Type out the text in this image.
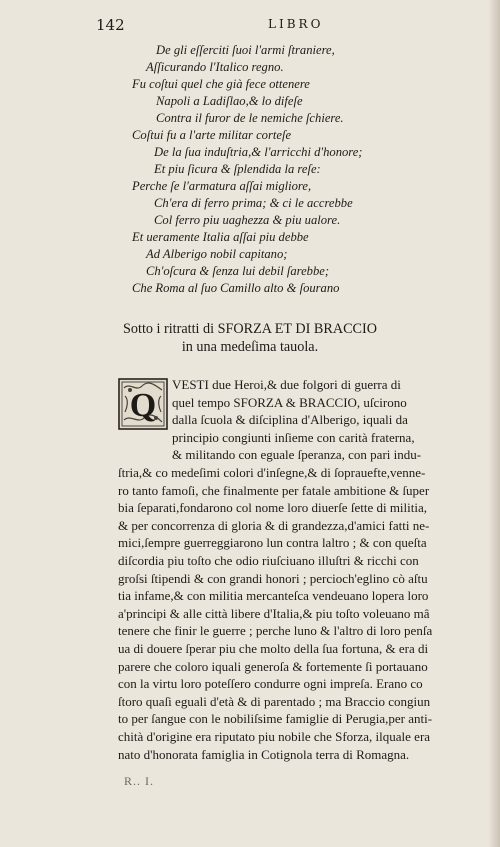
142	LIBRO
De gli eſſerciti ſuoi l'armi ſtraniere,
Aſſicurando l'Italico regno.
Fu coſtui quel che già fece ottenere
Napoli a Ladiſlao,& lo difeſe
Contra il furor de le nemiche ſchiere.
Coſtui fu a l'arte militar corteſe
De la ſua induſtria,& l'arricchi d'honore;
Et piu ſicura & ſplendida la reſe:
Perche ſe l'armatura aſſai migliore,
Ch'era di ferro prima; & ci le accrebbe
Col ferro piu uaghezza & piu ualore.
Et ueramente Italia aſſai piu debbe
Ad Alberigo nobil capitano;
Ch'oſcura & ſenza lui debil ſarebbe;
Che Roma al ſuo Camillo alto & ſourano
Sotto i ritratti di SFORZA ET DI BRACCIO
in una medeſima tauola.
Q
VESTI due Heroi,& due folgori di guerra di
quel tempo SFORZA & BRACCIO, uſcirono
dalla ſcuola & diſciplina d'Alberigo, iquali da
principio congiunti inſieme con carità fraterna,
& militando con eguale ſperanza, con pari indu-
ſtria,& co medeſimi colori d'inſegne,& di ſoprauefte,venne-
ro tanto famoſi, che finalmente per fatale ambitione & ſuper
bia ſeparati,fondarono col nome loro diuerſe ſette di militia,
& per concorrenza di gloria & di grandezza,d'amici fatti ne-
mici,ſempre guerreggiarono lun contra laltro ; & con queſta
diſcordia piu toſto che odio riuſciuano illuſtri & ricchi con
groſsi ſtipendi & con grandi honori ; percioch'eglino cò aſtu
tia infame,& con militia mercanteſca vendeuano lopera loro
a'principi & alle città libere d'Italia,& piu toſto voleuano mâ
tenere che finir le guerre ; perche luno & l'altro di loro penſa
ua di douere ſperar piu che molto della ſua fortuna, & era di
parere che coloro iquali generoſa & fortemente ſi portauano
con la virtu loro poteſſero condurre ogni impreſa. Erano co
ſtoro quaſi eguali d'età & di parentado ; ma Braccio congiun
to per ſangue con le nobiliſsime famiglie di Perugia,per anti-
chità d'origine era riputato piu nobile che Sforza, ilquale era
nato d'honorata famiglia in Cotignola terra di Romagna.
R.. I.
